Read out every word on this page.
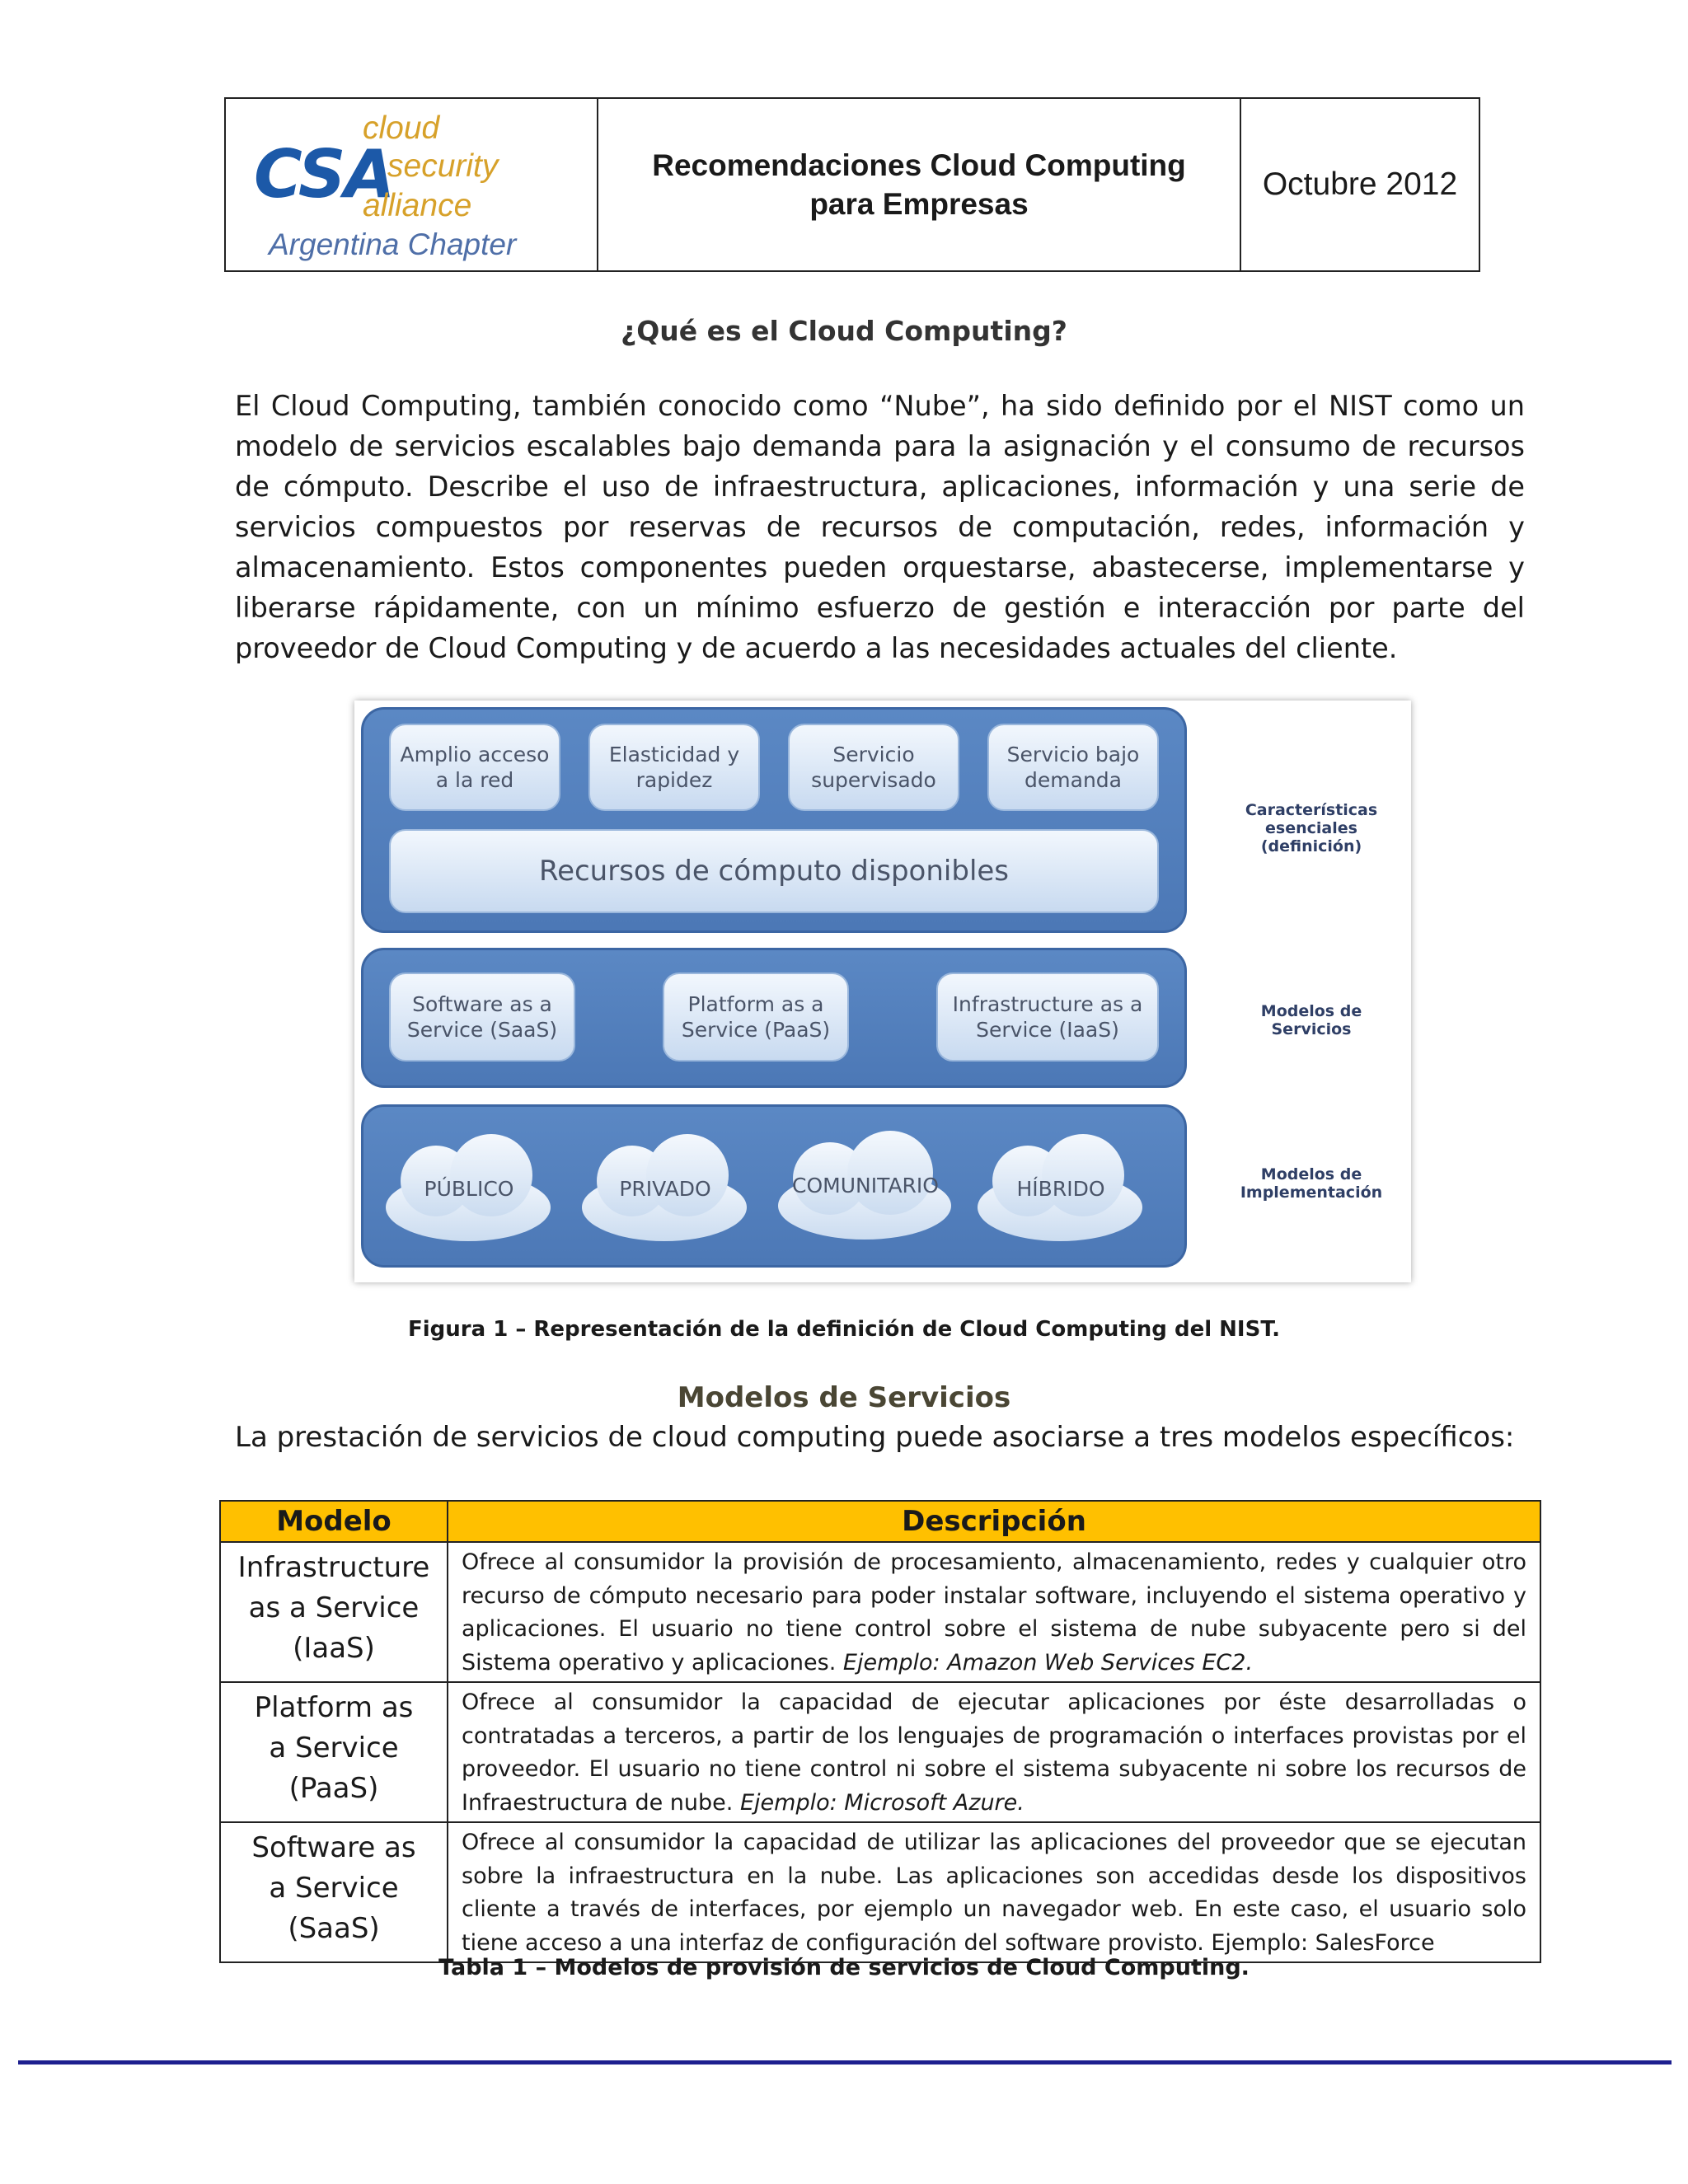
CSA
cloud
security
alliance
Argentina Chapter
Recomendaciones Cloud Computing para Empresas
Octubre 2012
¿Qué es el Cloud Computing?

El Cloud Computing, también conocido como “Nube”, ha sido definido por el NIST como un modelo de servicios escalables bajo demanda para la asignación y el consumo de recursos de cómputo. Describe el uso de infraestructura, aplicaciones, información y una serie de servicios compuestos por reservas de recursos de computación, redes, información y almacenamiento. Estos componentes pueden orquestarse, abastecerse, implementarse y liberarse rápidamente, con un mínimo esfuerzo de gestión e interacción por parte del proveedor de Cloud Computing y de acuerdo a las necesidades actuales del cliente.

Amplio acceso a la red
Elasticidad y rapidez
Servicio supervisado
Servicio bajo demanda
Recursos de cómputo disponibles
Software as a Service (SaaS)
Platform as a Service (PaaS)
Infrastructure as a Service (IaaS)
PÚBLICO	PRIVADO	COMUNITARIO	HÍBRIDO
Características esenciales (definición)
Modelos de Servicios
Modelos de Implementación
Figura 1 – Representación de la definición de Cloud Computing del NIST.
Modelos de Servicios
La prestación de servicios de cloud computing puede asociarse a tres modelos específicos:
Modelo	Descripción

Infrastructure as a Service (IaaS)	Ofrece al consumidor la provisión de procesamiento, almacenamiento, redes y cualquier otro recurso de cómputo necesario para poder instalar software, incluyendo el sistema operativo y aplicaciones. El usuario no tiene control sobre el sistema de nube subyacente pero si del Sistema operativo y aplicaciones. Ejemplo: Amazon Web Services EC2.

Platform as a Service (PaaS)	Ofrece al consumidor la capacidad de ejecutar aplicaciones por éste desarrolladas o contratadas a terceros, a partir de los lenguajes de programación o interfaces provistas por el proveedor. El usuario no tiene control ni sobre el sistema subyacente ni sobre los recursos de Infraestructura de nube. Ejemplo: Microsoft Azure.

Software as a Service (SaaS)	Ofrece al consumidor la capacidad de utilizar las aplicaciones del proveedor que se ejecutan sobre la infraestructura en la nube. Las aplicaciones son accedidas desde los dispositivos cliente a través de interfaces, por ejemplo un navegador web. En este caso, el usuario solo tiene acceso a una interfaz de configuración del software provisto. Ejemplo: SalesForce
Tabla 1 – Modelos de provisión de servicios de Cloud Computing.
